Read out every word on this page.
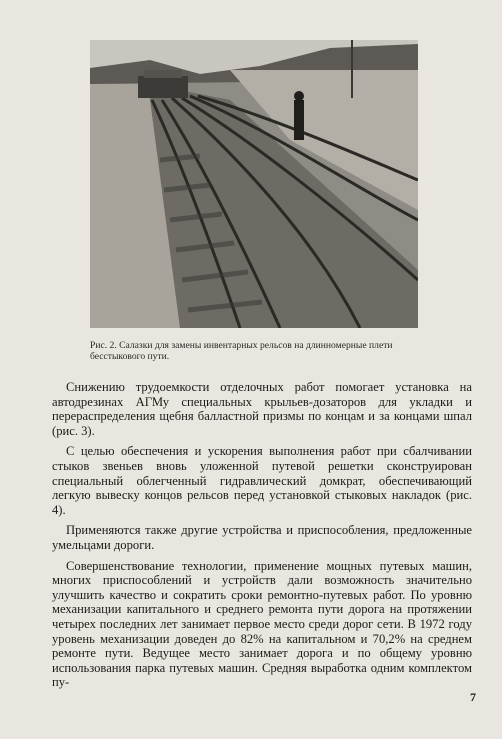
Рис. 2. Салазки для замены инвентарных рельсов на длинномерные плети бесстыкового пути.

Снижению трудоемкости отделочных работ помогает установка на автодрезинах АГМу специальных крыльев-дозаторов для укладки и перераспределения щебня балластной призмы по концам и за концами шпал (рис. 3).

С целью обеспечения и ускорения выполнения работ при сбалчивании стыков звеньев вновь уложенной путевой решетки сконструирован специальный облегченный гидравлический домкрат, обеспечивающий легкую вывеску концов рельсов перед установкой стыковых накладок (рис. 4).

Применяются также другие устройства и приспособления, предложенные умельцами дороги.

Совершенствование технологии, применение мощных путевых машин, многих приспособлений и устройств дали возможность значительно улучшить качество и сократить сроки ремонтно-путевых работ. По уровню механизации капитального и среднего ремонта пути дорога на протяжении четырех последних лет занимает первое место среди дорог сети. В 1972 году уровень механизации доведен до 82% на капитальном и 70,2% на среднем ремонте пути. Ведущее место занимает дорога и по общему уровню использования парка путевых машин. Средняя выработка одним комплектом пу-

7
